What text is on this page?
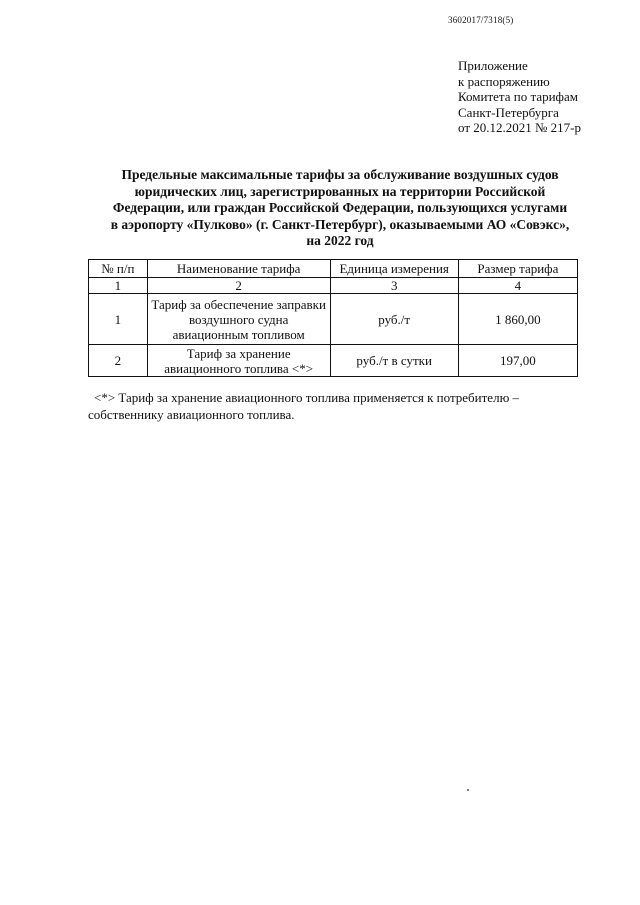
3602017/7318(5)
Приложение
к распоряжению
Комитета по тарифам
Санкт-Петербурга
от 20.12.2021 № 217-р
Предельные максимальные тарифы за обслуживание воздушных судов
юридических лиц, зарегистрированных на территории Российской
Федерации, или граждан Российской Федерации, пользующихся услугами
в аэропорту «Пулково» (г. Санкт-Петербург), оказываемыми АО «Совэкс»,
на 2022 год
№ п/п	Наименование тарифа	Единица измерения	Размер тарифа
1	2	3	4
1	Тариф за обеспечение заправки
воздушного судна
авиационным топливом	руб./т	1 860,00
2	Тариф за хранение
авиационного топлива <*>	руб./т в сутки	197,00
<*> Тариф за хранение авиационного топлива применяется к потребителю –
собственнику авиационного топлива.
